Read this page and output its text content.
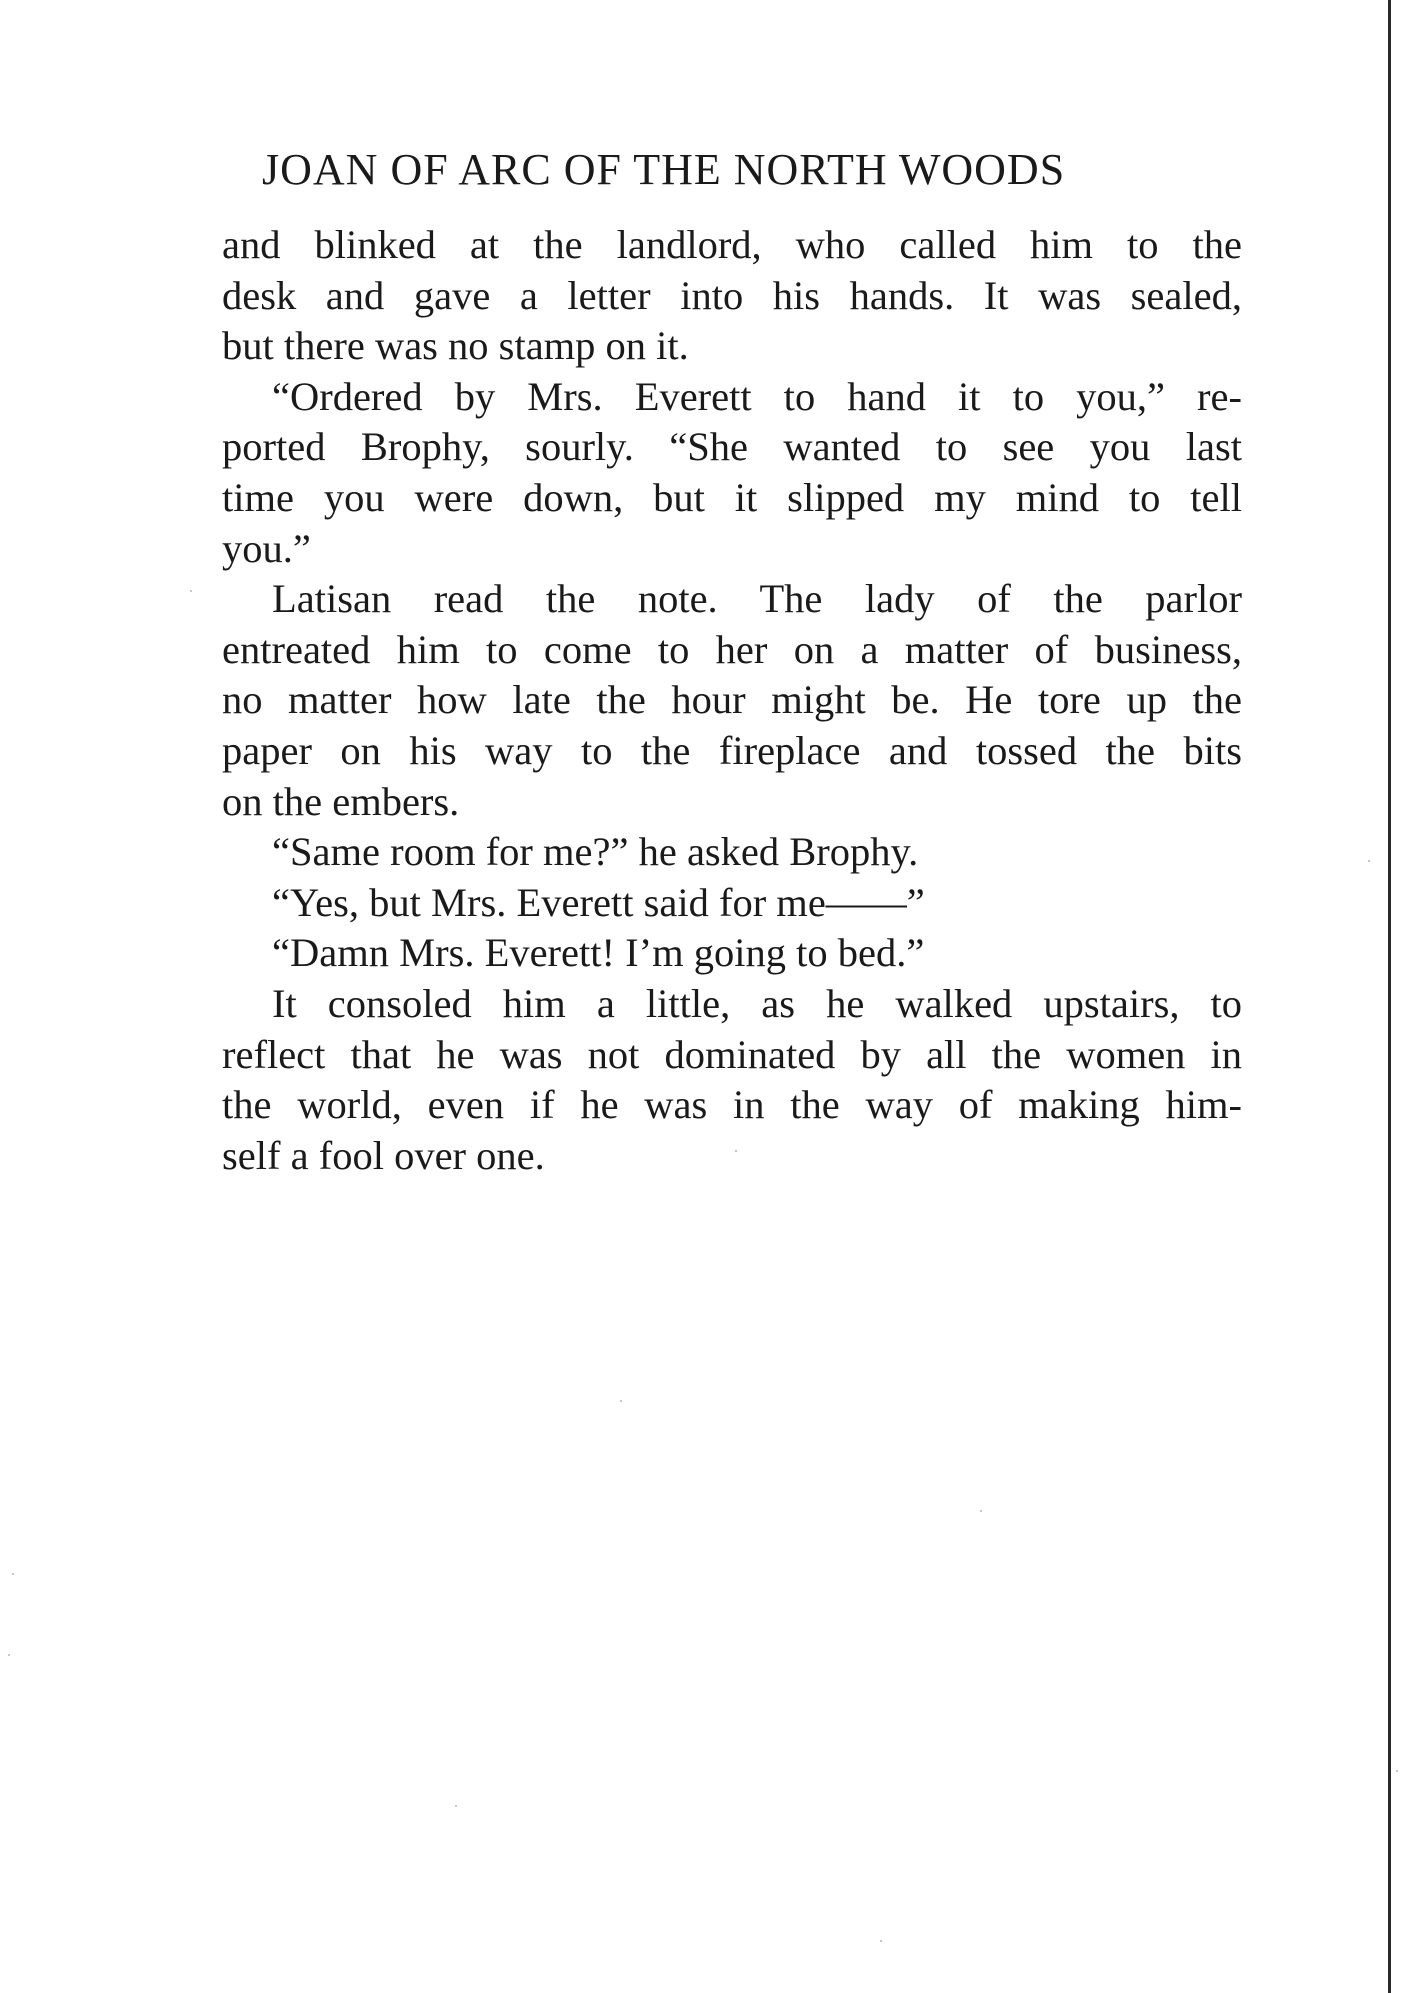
JOAN OF ARC OF THE NORTH WOODS
and blinked at the landlord, who called him to the
desk and gave a letter into his hands. It was sealed,
but there was no stamp on it.
“Ordered by Mrs. Everett to hand it to you,” re-
ported Brophy, sourly. “She wanted to see you last
time you were down, but it slipped my mind to tell
you.”
Latisan read the note. The lady of the parlor
entreated him to come to her on a matter of business,
no matter how late the hour might be. He tore up the
paper on his way to the fireplace and tossed the bits
on the embers.
“Same room for me?” he asked Brophy.
“Yes, but Mrs. Everett said for me——”
“Damn Mrs. Everett! I’m going to bed.”
It consoled him a little, as he walked upstairs, to
reflect that he was not dominated by all the women in
the world, even if he was in the way of making him-
self a fool over one.
